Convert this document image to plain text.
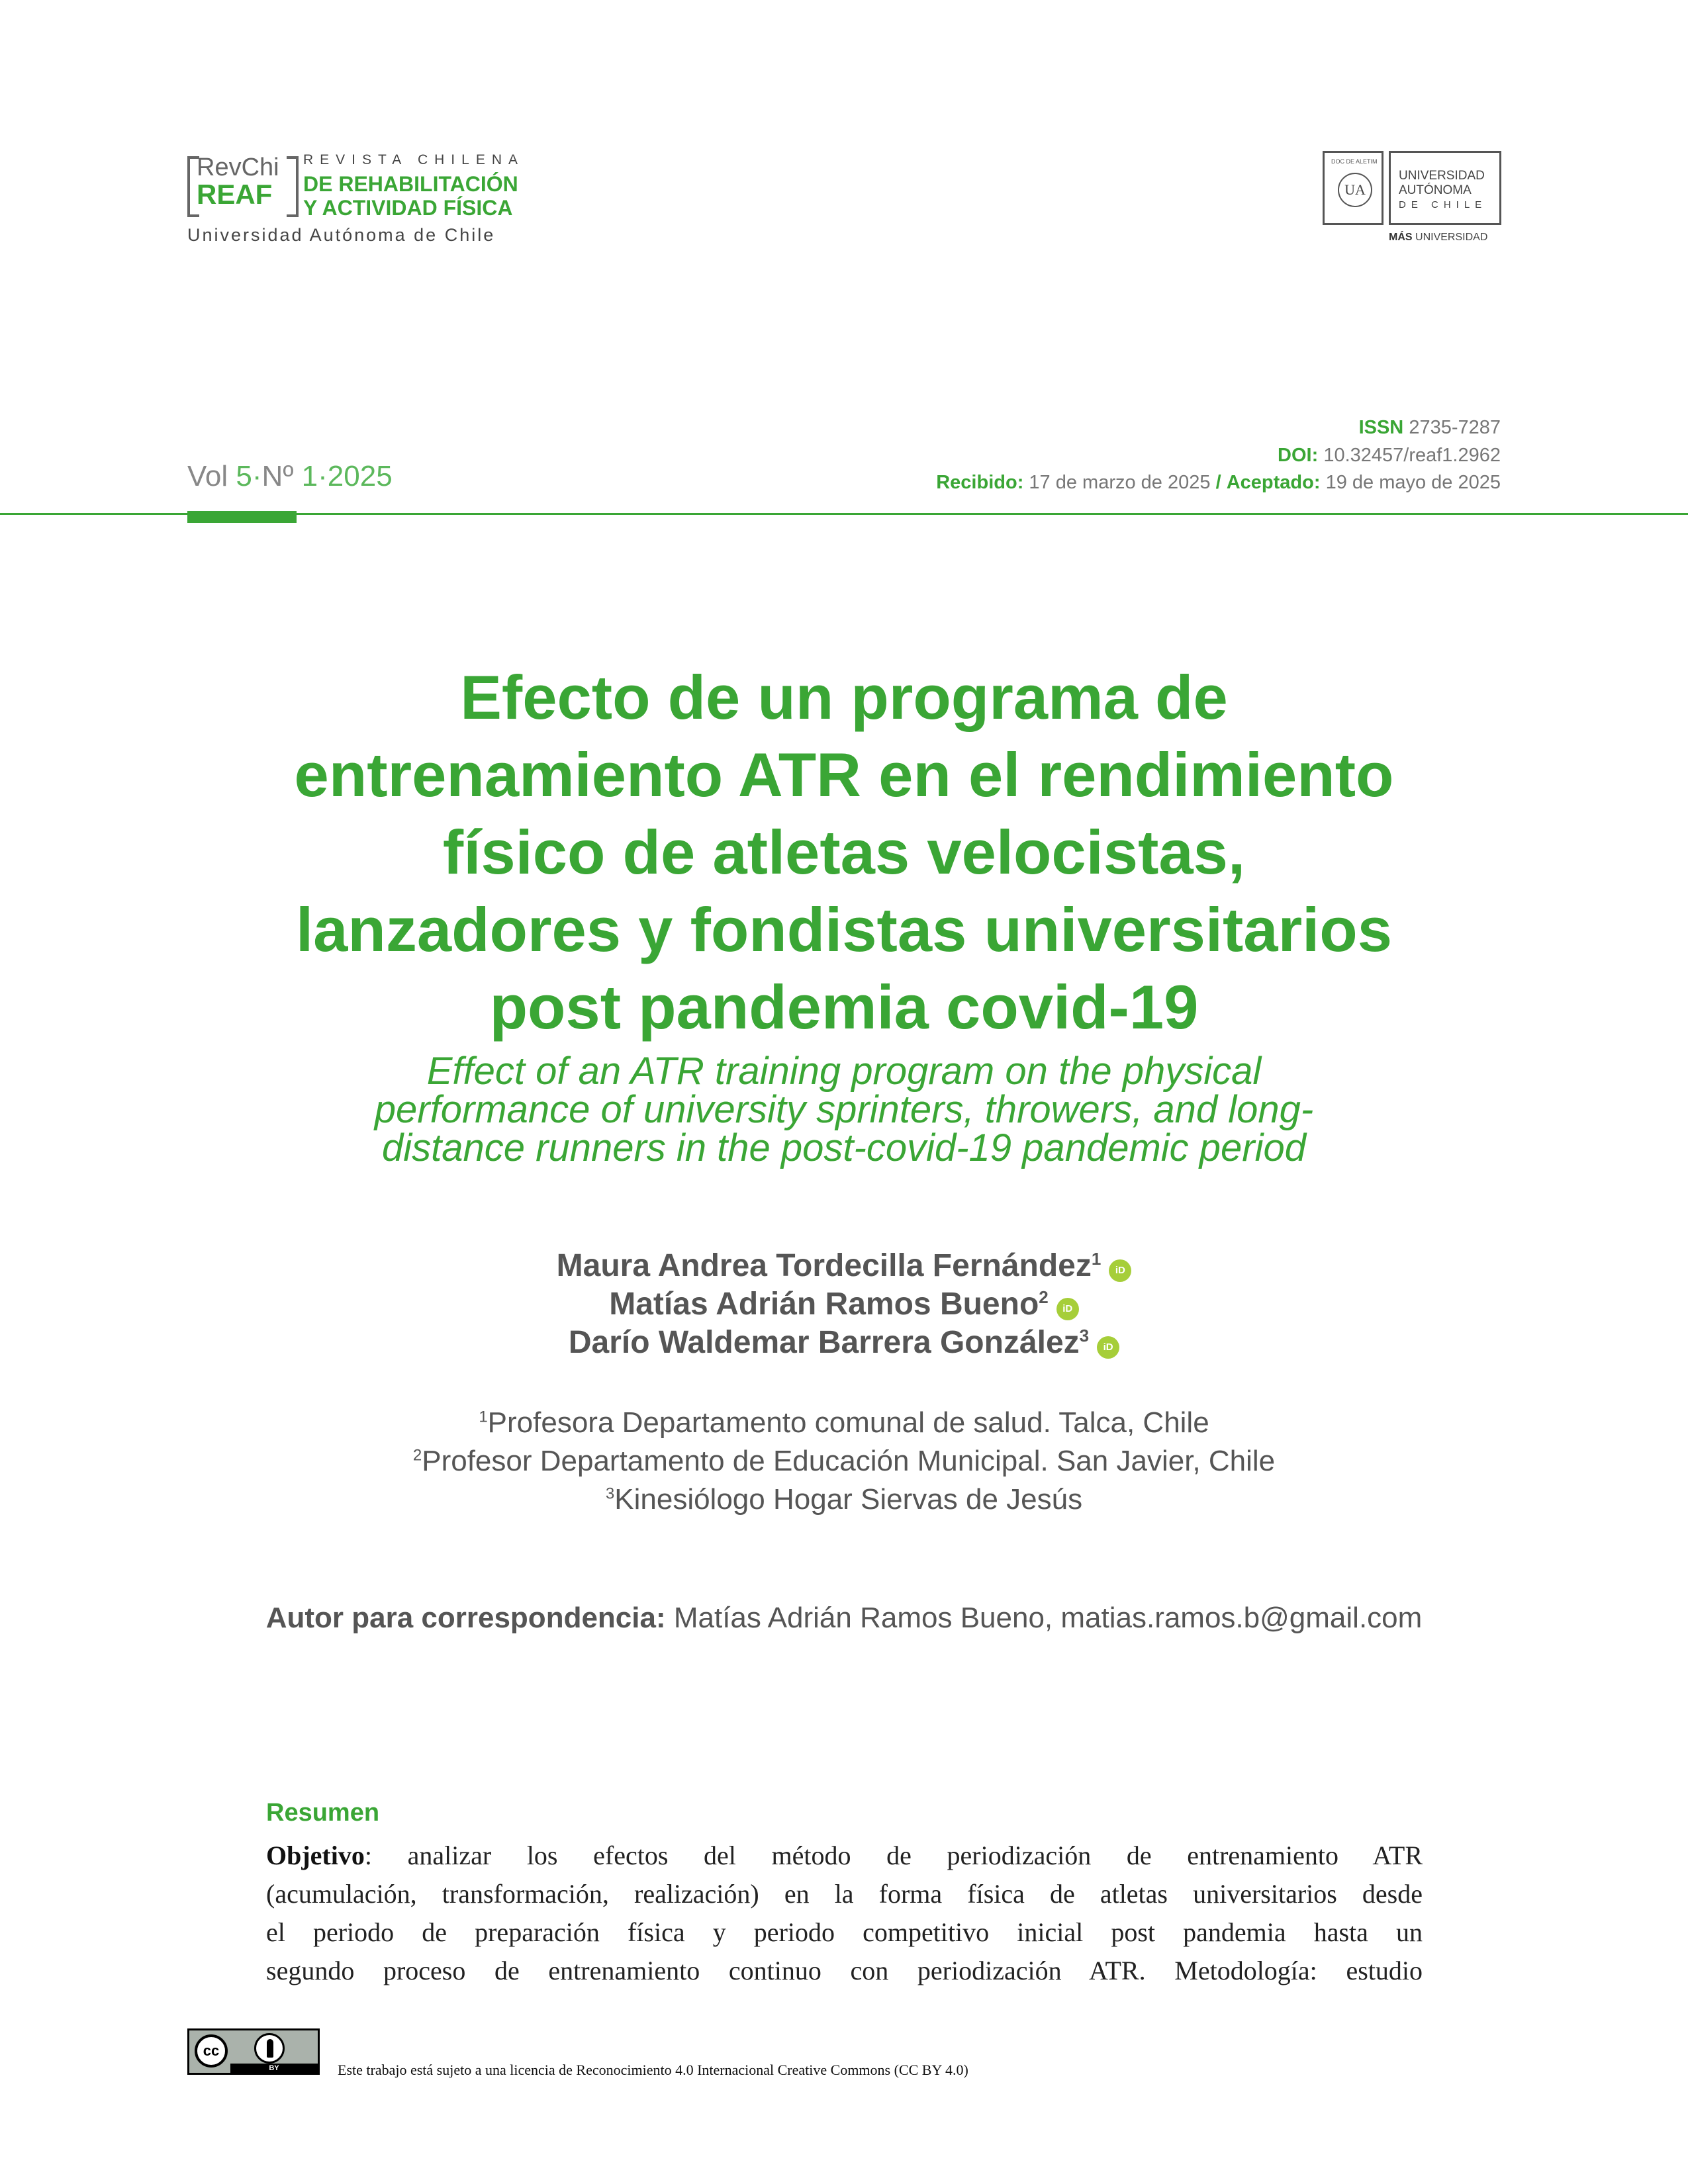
RevChi
REAF
REVISTA CHILENA
DE REHABILITACIÓN
Y ACTIVIDAD FÍSICA
Universidad Autónoma de Chile
DOC DE ALETIM
UA
UNIVERSIDAD
AUTÓNOMA
DE CHILE
MÁS UNIVERSIDAD
Vol 5·Nº 1·2025
ISSN 2735-7287
DOI: 10.32457/reaf1.2962
Recibido: 17 de marzo de 2025 / Aceptado: 19 de mayo de 2025
Efecto de un programa de
entrenamiento ATR en el rendimiento
físico de atletas velocistas,
lanzadores y fondistas universitarios
post pandemia covid-19
Effect of an ATR training program on the physical
performance of university sprinters, throwers, and long-
distance runners in the post-covid-19 pandemic period
Maura Andrea Tordecilla Fernández$^1$iD
Matías Adrián Ramos Bueno$^2$iD
Darío Waldemar Barrera González$^3$iD
$^1$Profesora Departamento comunal de salud. Talca, Chile
$^2$Profesor Departamento de Educación Municipal. San Javier, Chile
$^3$Kinesiólogo Hogar Siervas de Jesús
Autor para correspondencia: Matías Adrián Ramos Bueno, matias.ramos.b@gmail.com
Resumen
Objetivo: analizar los efectos del método de periodización de entrenamiento ATR
(acumulación, transformación, realización) en la forma física de atletas universitarios desde
el periodo de preparación física y periodo competitivo inicial post pandemia hasta un
segundo proceso de entrenamiento continuo con periodización ATR. Metodología: estudio
cc
BY	Este trabajo está sujeto a una licencia de Reconocimiento 4.0 Internacional Creative Commons (CC BY 4.0)
